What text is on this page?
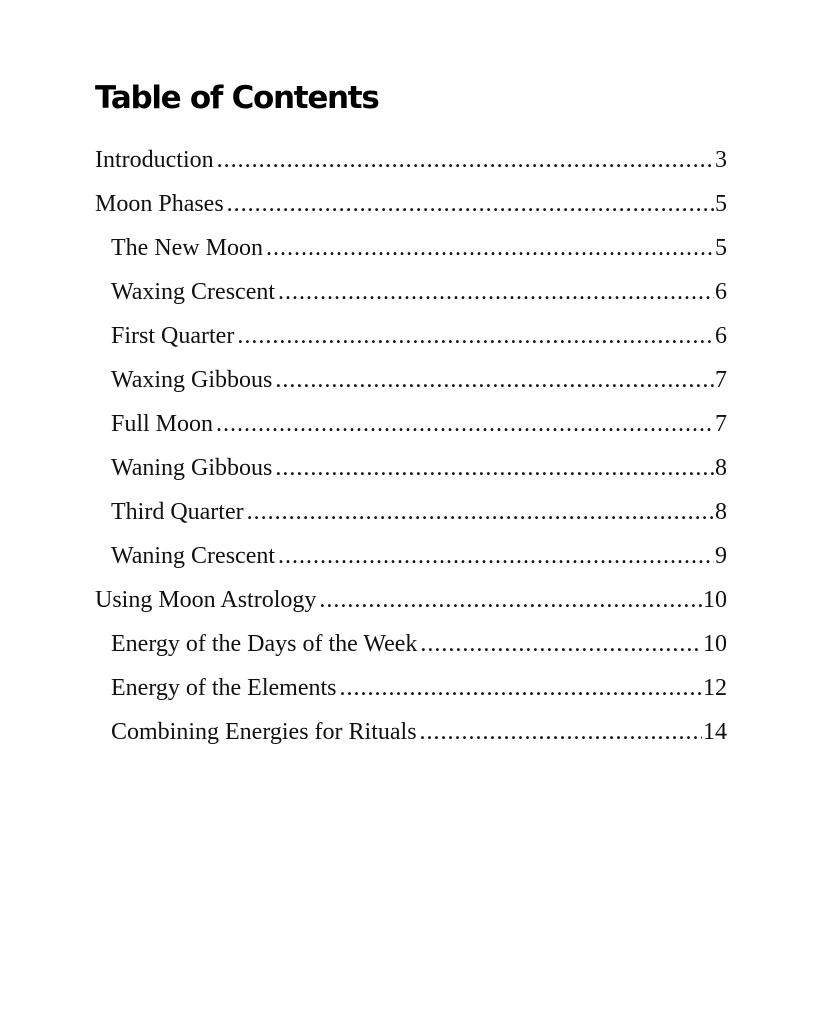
Table of Contents
Introduction .....	3
Moon Phases .....	5
The New Moon .....	5
Waxing Crescent .....	6
First Quarter .....	6
Waxing Gibbous .....	7
Full Moon .....	7
Waning Gibbous .....	8
Third Quarter .....	8
Waning Crescent .....	9
Using Moon Astrology .....	10
Energy of the Days of the Week .....	10
Energy of the Elements .....	12
Combining Energies for Rituals .....	14
